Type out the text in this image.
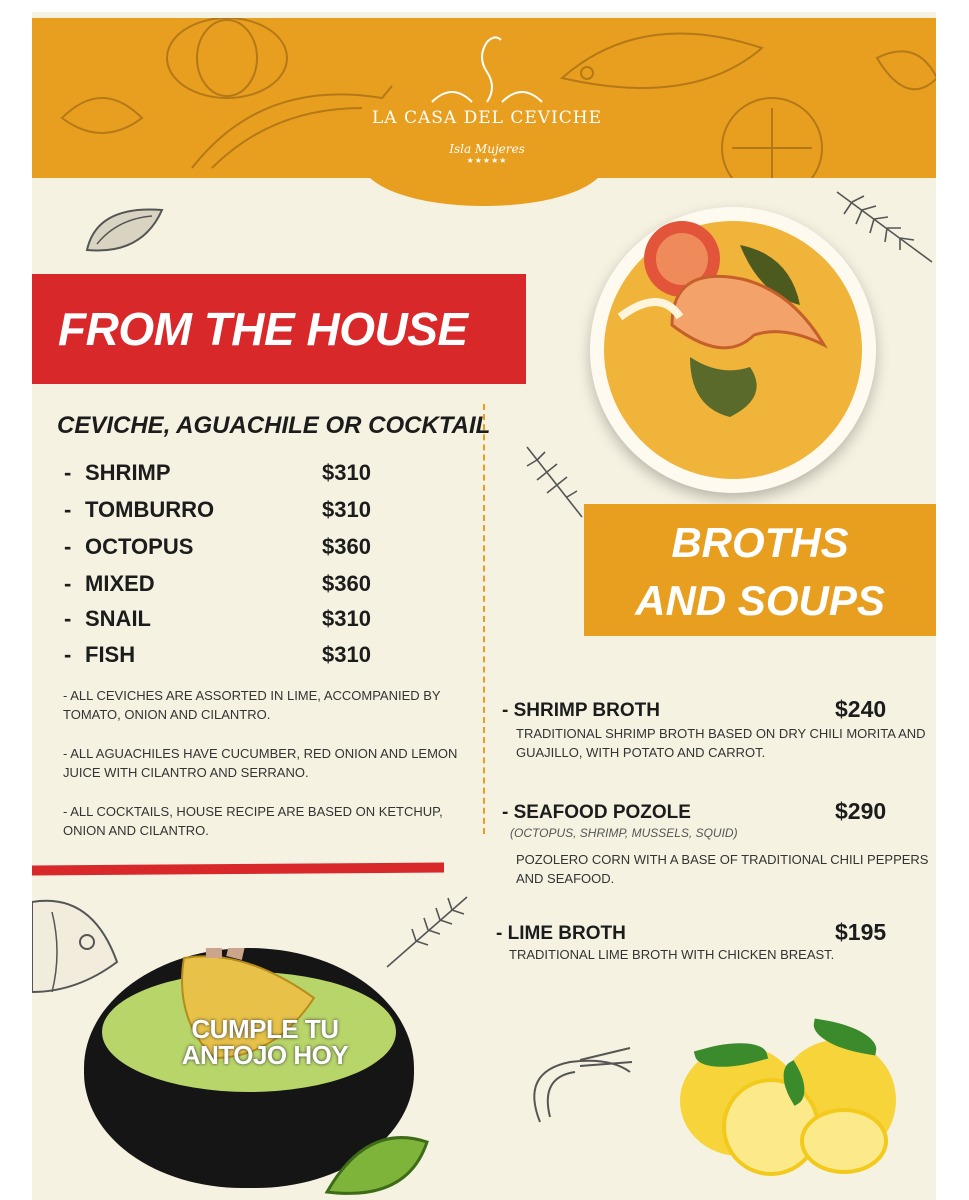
LA CASA DEL CEVICHE
Isla Mujeres
★★★★★
FROM THE HOUSE
CEVICHE, AGUACHILE OR COCKTAIL
- SHRIMP	$310
- TOMBURRO	$310
- OCTOPUS	$360
- MIXED	$360
- SNAIL	$310
- FISH	$310
- ALL CEVICHES ARE ASSORTED IN LIME, ACCOMPANIED BY TOMATO, ONION AND CILANTRO.
- ALL AGUACHILES HAVE CUCUMBER, RED ONION AND LEMON JUICE WITH CILANTRO AND SERRANO.
- ALL COCKTAILS, HOUSE RECIPE ARE BASED ON KETCHUP, ONION AND CILANTRO.
BROTHS
AND SOUPS
- SHRIMP BROTH	$240
TRADITIONAL SHRIMP BROTH BASED ON DRY CHILI MORITA AND GUAJILLO, WITH POTATO AND CARROT.
- SEAFOOD POZOLE	$290
(OCTOPUS, SHRIMP, MUSSELS, SQUID)
POZOLERO CORN WITH A BASE OF TRADITIONAL CHILI PEPPERS AND SEAFOOD.
- LIME BROTH	$195
TRADITIONAL LIME BROTH WITH CHICKEN BREAST.
CUMPLE TU
ANTOJO HOY
